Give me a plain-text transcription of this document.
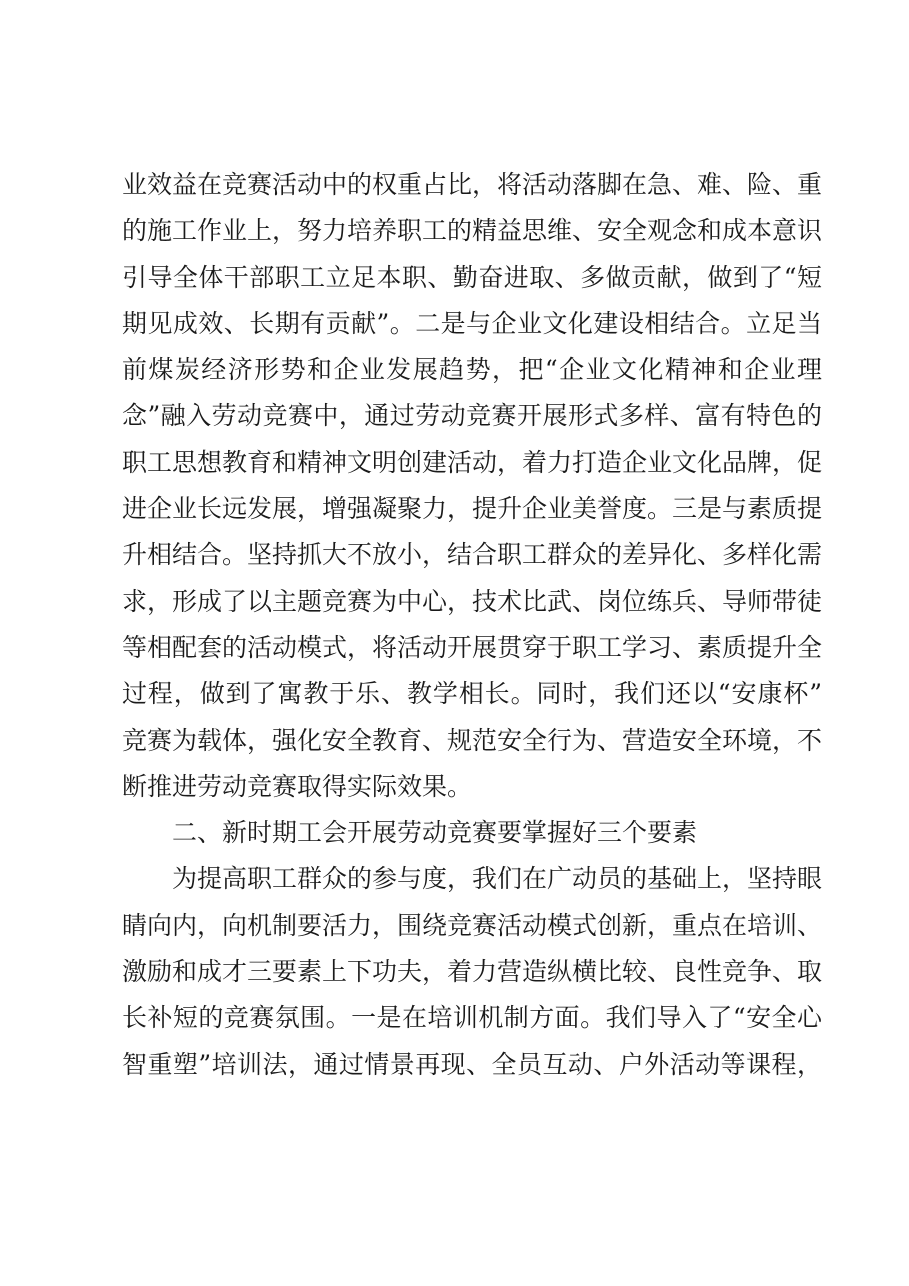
业效益在竞赛活动中的权重占比，将活动落脚在急、难、险、重
的施工作业上，努力培养职工的精益思维、安全观念和成本意识
引导全体干部职工立足本职、勤奋进取、多做贡献，做到了“短
期见成效、长期有贡献”。二是与企业文化建设相结合。立足当
前煤炭经济形势和企业发展趋势，把“企业文化精神和企业理
念”融入劳动竞赛中，通过劳动竞赛开展形式多样、富有特色的
职工思想教育和精神文明创建活动，着力打造企业文化品牌，促
进企业长远发展，增强凝聚力，提升企业美誉度。三是与素质提
升相结合。坚持抓大不放小，结合职工群众的差异化、多样化需
求，形成了以主题竞赛为中心，技术比武、岗位练兵、导师带徒
等相配套的活动模式，将活动开展贯穿于职工学习、素质提升全
过程，做到了寓教于乐、教学相长。同时，我们还以“安康杯”
竞赛为载体，强化安全教育、规范安全行为、营造安全环境，不
断推进劳动竞赛取得实际效果。
二、新时期工会开展劳动竞赛要掌握好三个要素
为提高职工群众的参与度，我们在广动员的基础上，坚持眼
睛向内，向机制要活力，围绕竞赛活动模式创新，重点在培训、
激励和成才三要素上下功夫，着力营造纵横比较、良性竞争、取
长补短的竞赛氛围。一是在培训机制方面。我们导入了“安全心
智重塑”培训法，通过情景再现、全员互动、户外活动等课程，
